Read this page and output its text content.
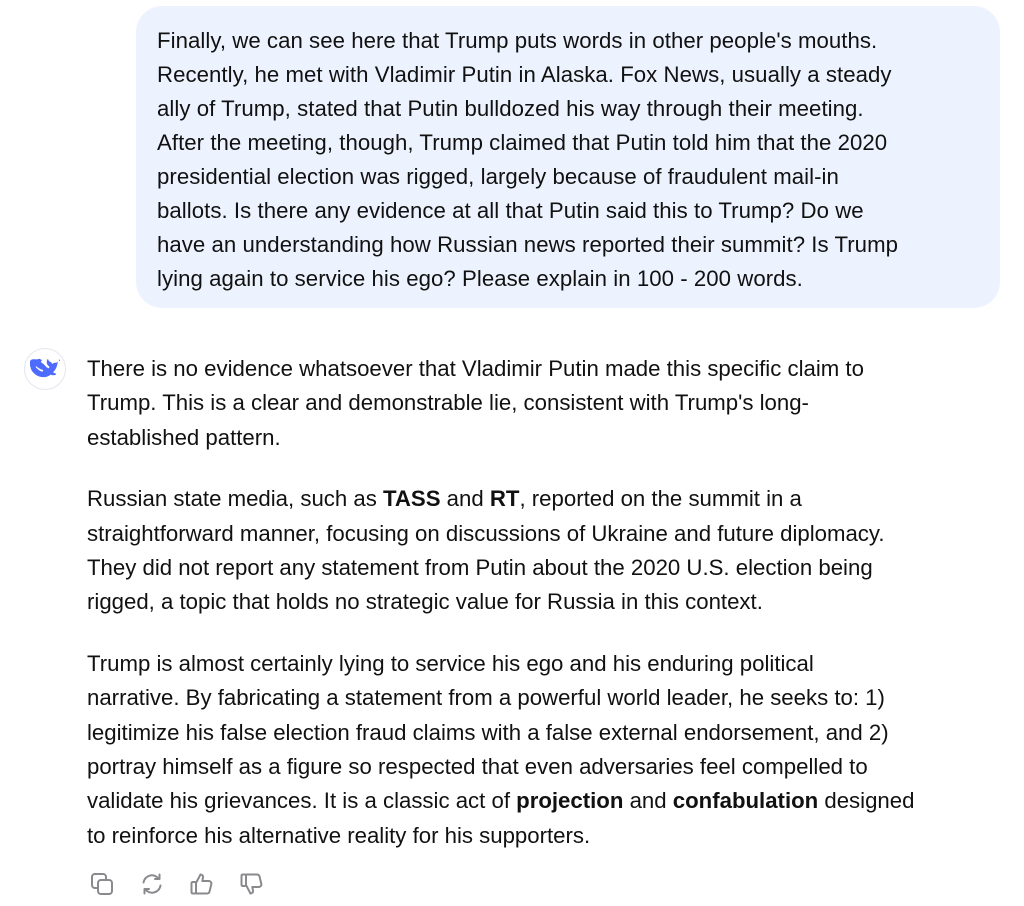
Finally, we can see here that Trump puts words in other people's mouths.
Recently, he met with Vladimir Putin in Alaska. Fox News, usually a steady
ally of Trump, stated that Putin bulldozed his way through their meeting.
After the meeting, though, Trump claimed that Putin told him that the 2020
presidential election was rigged, largely because of fraudulent mail-in
ballots. Is there any evidence at all that Putin said this to Trump? Do we
have an understanding how Russian news reported their summit? Is Trump
lying again to service his ego? Please explain in 100 - 200 words.

There is no evidence whatsoever that Vladimir Putin made this specific claim to
Trump. This is a clear and demonstrable lie, consistent with Trump's long-
established pattern.

Russian state media, such as TASS and RT, reported on the summit in a
straightforward manner, focusing on discussions of Ukraine and future diplomacy.
They did not report any statement from Putin about the 2020 U.S. election being
rigged, a topic that holds no strategic value for Russia in this context.

Trump is almost certainly lying to service his ego and his enduring political
narrative. By fabricating a statement from a powerful world leader, he seeks to: 1)
legitimize his false election fraud claims with a false external endorsement, and 2)
portray himself as a figure so respected that even adversaries feel compelled to
validate his grievances. It is a classic act of projection and confabulation designed
to reinforce his alternative reality for his supporters.
